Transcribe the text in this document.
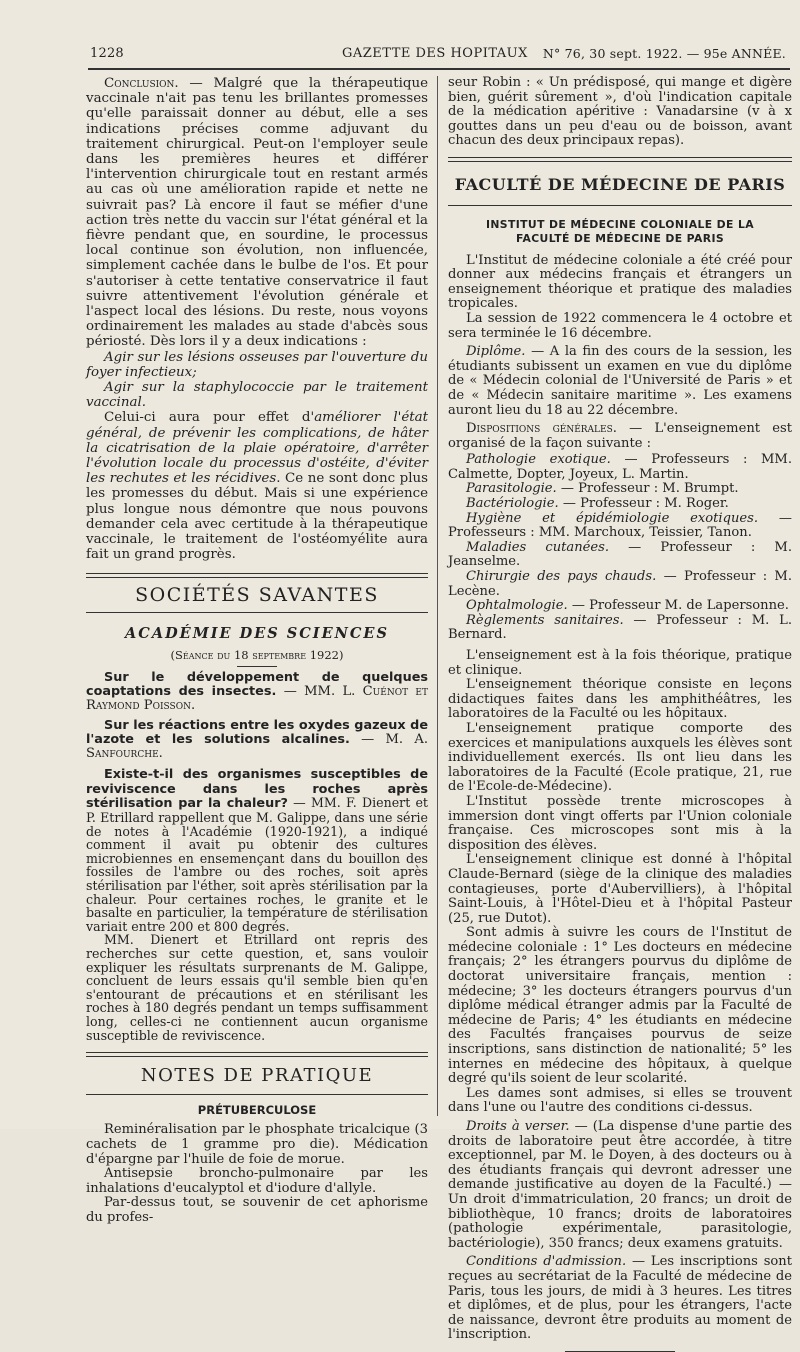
1228	GAZETTE DES HOPITAUX N° 76, 30 sept. 1922. — 95e ANNÉE.

Conclusion. — Malgré que la thérapeutique vaccinale n'ait pas tenu les brillantes promesses qu'elle paraissait donner au début, elle a ses indications précises comme adjuvant du traitement chirurgical. Peut-on l'employer seule dans les premières heures et différer l'intervention chirurgicale tout en restant armés au cas où une amélioration rapide et nette ne suivrait pas? Là encore il faut se méfier d'une action très nette du vaccin sur l'état général et la fièvre pendant que, en sourdine, le processus local continue son évolution, non influencée, simplement cachée dans le bulbe de l'os. Et pour s'autoriser à cette tentative conservatrice il faut suivre attentivement l'évolution générale et l'aspect local des lésions. Du reste, nous voyons ordinairement les malades au stade d'abcès sous périosté. Dès lors il y a deux indications :

Agir sur les lésions osseuses par l'ouverture du foyer infectieux;

Agir sur la staphylococcie par le traitement vaccinal.

Celui-ci aura pour effet d'améliorer l'état général, de prévenir les complications, de hâter la cicatrisation de la plaie opératoire, d'arrêter l'évolution locale du processus d'ostéite, d'éviter les rechutes et les récidives. Ce ne sont donc plus les promesses du début. Mais si une expérience plus longue nous démontre que nous pouvons demander cela avec certitude à la thérapeutique vaccinale, le traitement de l'ostéomyélite aura fait un grand progrès.

SOCIÉTÉS SAVANTES
ACADÉMIE DES SCIENCES
(Séance du 18 septembre 1922)

Sur le développement de quelques coaptations des insectes. — MM. L. Cuénot et Raymond Poisson.

Sur les réactions entre les oxydes gazeux de l'azote et les solutions alcalines. — M. A. Sanfourche.

Existe-t-il des organismes susceptibles de reviviscence dans les roches après stérilisation par la chaleur? — MM. F. Dienert et P. Etrillard rappellent que M. Galippe, dans une série de notes à l'Académie (1920-1921), a indiqué comment il avait pu obtenir des cultures microbiennes en ensemençant dans du bouillon des fossiles de l'ambre ou des roches, soit après stérilisation par l'éther, soit après stérilisation par la chaleur. Pour certaines roches, le granite et le basalte en particulier, la température de stérilisation variait entre 200 et 800 degrés.

MM. Dienert et Etrillard ont repris des recherches sur cette question, et, sans vouloir expliquer les résultats surprenants de M. Galippe, concluent de leurs essais qu'il semble bien qu'en s'entourant de précautions et en stérilisant les roches à 180 degrés pendant un temps suffisamment long, celles-ci ne contiennent aucun organisme susceptible de reviviscence.

NOTES DE PRATIQUE
PRÉTUBERCULOSE

Reminéralisation par le phosphate tricalcique (3 cachets de 1 gramme pro die). Médication d'épargne par l'huile de foie de morue.

Antisepsie broncho-pulmonaire par les inhalations d'eucalyptol et d'iodure d'allyle.

Par-dessus tout, se souvenir de cet aphorisme du profes-

seur Robin : « Un prédisposé, qui mange et digère bien, guérit sûrement », d'où l'indication capitale de la médication apéritive : Vanadarsine (v à x gouttes dans un peu d'eau ou de boisson, avant chacun des deux principaux repas).

FACULTÉ DE MÉDECINE DE PARIS
INSTITUT DE MÉDECINE COLONIALE DE LA FACULTÉ DE MÉDECINE DE PARIS

L'Institut de médecine coloniale a été créé pour donner aux médecins français et étrangers un enseignement théorique et pratique des maladies tropicales.

La session de 1922 commencera le 4 octobre et sera terminée le 16 décembre.

Diplôme. — A la fin des cours de la session, les étudiants subissent un examen en vue du diplôme de « Médecin colonial de l'Université de Paris » et de « Médecin sanitaire maritime ». Les examens auront lieu du 18 au 22 décembre.

Dispositions générales. — L'enseignement est organisé de la façon suivante :

Pathologie exotique. — Professeurs : MM. Calmette, Dopter, Joyeux, L. Martin.

Parasitologie. — Professeur : M. Brumpt.

Bactériologie. — Professeur : M. Roger.

Hygiène et épidémiologie exotiques. — Professeurs : MM. Marchoux, Teissier, Tanon.

Maladies cutanées. — Professeur : M. Jeanselme.

Chirurgie des pays chauds. — Professeur : M. Lecène.

Ophtalmologie. — Professeur M. de Lapersonne.

Règlements sanitaires. — Professeur : M. L. Bernard.

L'enseignement est à la fois théorique, pratique et clinique.

L'enseignement théorique consiste en leçons didactiques faites dans les amphithéâtres, les laboratoires de la Faculté ou les hôpitaux.

L'enseignement pratique comporte des exercices et manipulations auxquels les élèves sont individuellement exercés. Ils ont lieu dans les laboratoires de la Faculté (Ecole pratique, 21, rue de l'Ecole-de-Médecine).

L'Institut possède trente microscopes à immersion dont vingt offerts par l'Union coloniale française. Ces microscopes sont mis à la disposition des élèves.

L'enseignement clinique est donné à l'hôpital Claude-Bernard (siège de la clinique des maladies contagieuses, porte d'Aubervilliers), à l'hôpital Saint-Louis, à l'Hôtel-Dieu et à l'hôpital Pasteur (25, rue Dutot).

Sont admis à suivre les cours de l'Institut de médecine coloniale : 1° Les docteurs en médecine français; 2° les étrangers pourvus du diplôme de doctorat universitaire français, mention : médecine; 3° les docteurs étrangers pourvus d'un diplôme médical étranger admis par la Faculté de médecine de Paris; 4° les étudiants en médecine des Facultés françaises pourvus de seize inscriptions, sans distinction de nationalité; 5° les internes en médecine des hôpitaux, à quelque degré qu'ils soient de leur scolarité.

Les dames sont admises, si elles se trouvent dans l'une ou l'autre des conditions ci-dessus.

Droits à verser. — (La dispense d'une partie des droits de laboratoire peut être accordée, à titre exceptionnel, par M. le Doyen, à des docteurs ou à des étudiants français qui devront adresser une demande justificative au doyen de la Faculté.) — Un droit d'immatriculation, 20 francs; un droit de bibliothèque, 10 francs; droits de laboratoires (pathologie expérimentale, parasitologie, bactériologie), 350 francs; deux examens gratuits.

Conditions d'admission. — Les inscriptions sont reçues au secrétariat de la Faculté de médecine de Paris, tous les jours, de midi à 3 heures. Les titres et diplômes, et de plus, pour les étrangers, l'acte de naissance, devront être produits au moment de l'inscription.
